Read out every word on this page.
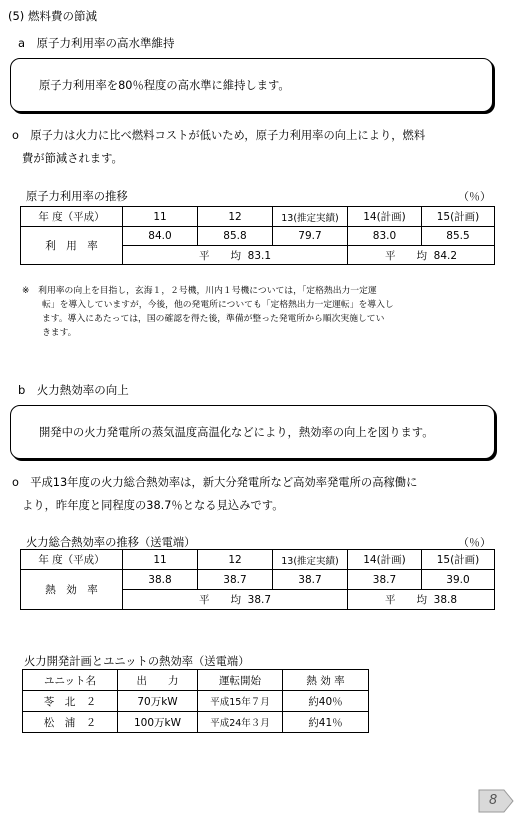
(5) 燃料費の節減
a　原子力利用率の高水準維持
原子力利用率を80％程度の高水準に維持します。
o　原子力は火力に比べ燃料コストが低いため，原子力利用率の向上により，燃料
費が節減されます。
原子力利用率の推移	（％）
年 度（平成）	11	12	13(推定実績)	14(計画)	15(計画)
利　用　率	84.0	85.8	79.7	83.0	85.5
	平　　均 83.1			平　　均 84.2	
※　利用率の向上を目指し，玄海１，２号機，川内１号機については，「定格熱出力一定運
転」を導入していますが，今後，他の発電所についても「定格熱出力一定運転」を導入し
ます。導入にあたっては，国の確認を得た後，準備が整った発電所から順次実施してい
きます。
b　火力熱効率の向上
開発中の火力発電所の蒸気温度高温化などにより，熱効率の向上を図ります。
o　平成13年度の火力総合熱効率は，新大分発電所など高効率発電所の高稼働に
より，昨年度と同程度の38.7％となる見込みです。
火力総合熱効率の推移（送電端）	（％）
年 度（平成）	11	12	13(推定実績)	14(計画)	15(計画)
熱　効　率	38.8	38.7	38.7	38.7	39.0
	平　　均 38.7			平　　均 38.8	
火力開発計画とユニットの熱効率（送電端）
ユニット名	出　　力	運転開始	熱 効 率
苓　北　２	70万kW	平成15年７月	約40％
松　浦　２	100万kW	平成24年３月	約41％
8
